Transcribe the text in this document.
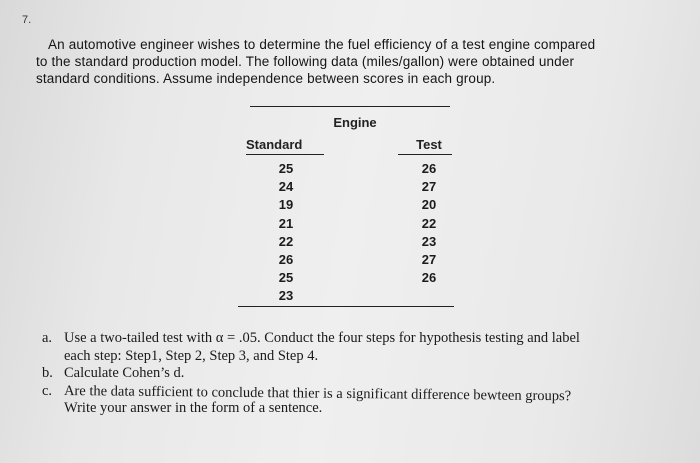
7.
An automotive engineer wishes to determine the fuel efficiency of a test engine compared
to the standard production model. The following data (miles/gallon) were obtained under
standard conditions. Assume independence between scores in each group.
Engine
Standard	Test
25
24
19
21
22
26
25
23
26
27
20
22
23
27
26
a. Use a two-tailed test with α = .05. Conduct the four steps for hypothesis testing and label
each step: Step1, Step 2, Step 3, and Step 4.
b. Calculate Cohen’s d.
c. Are the data sufficient to conclude that thier is a significant difference bewteen groups?
Write your answer in the form of a sentence.
